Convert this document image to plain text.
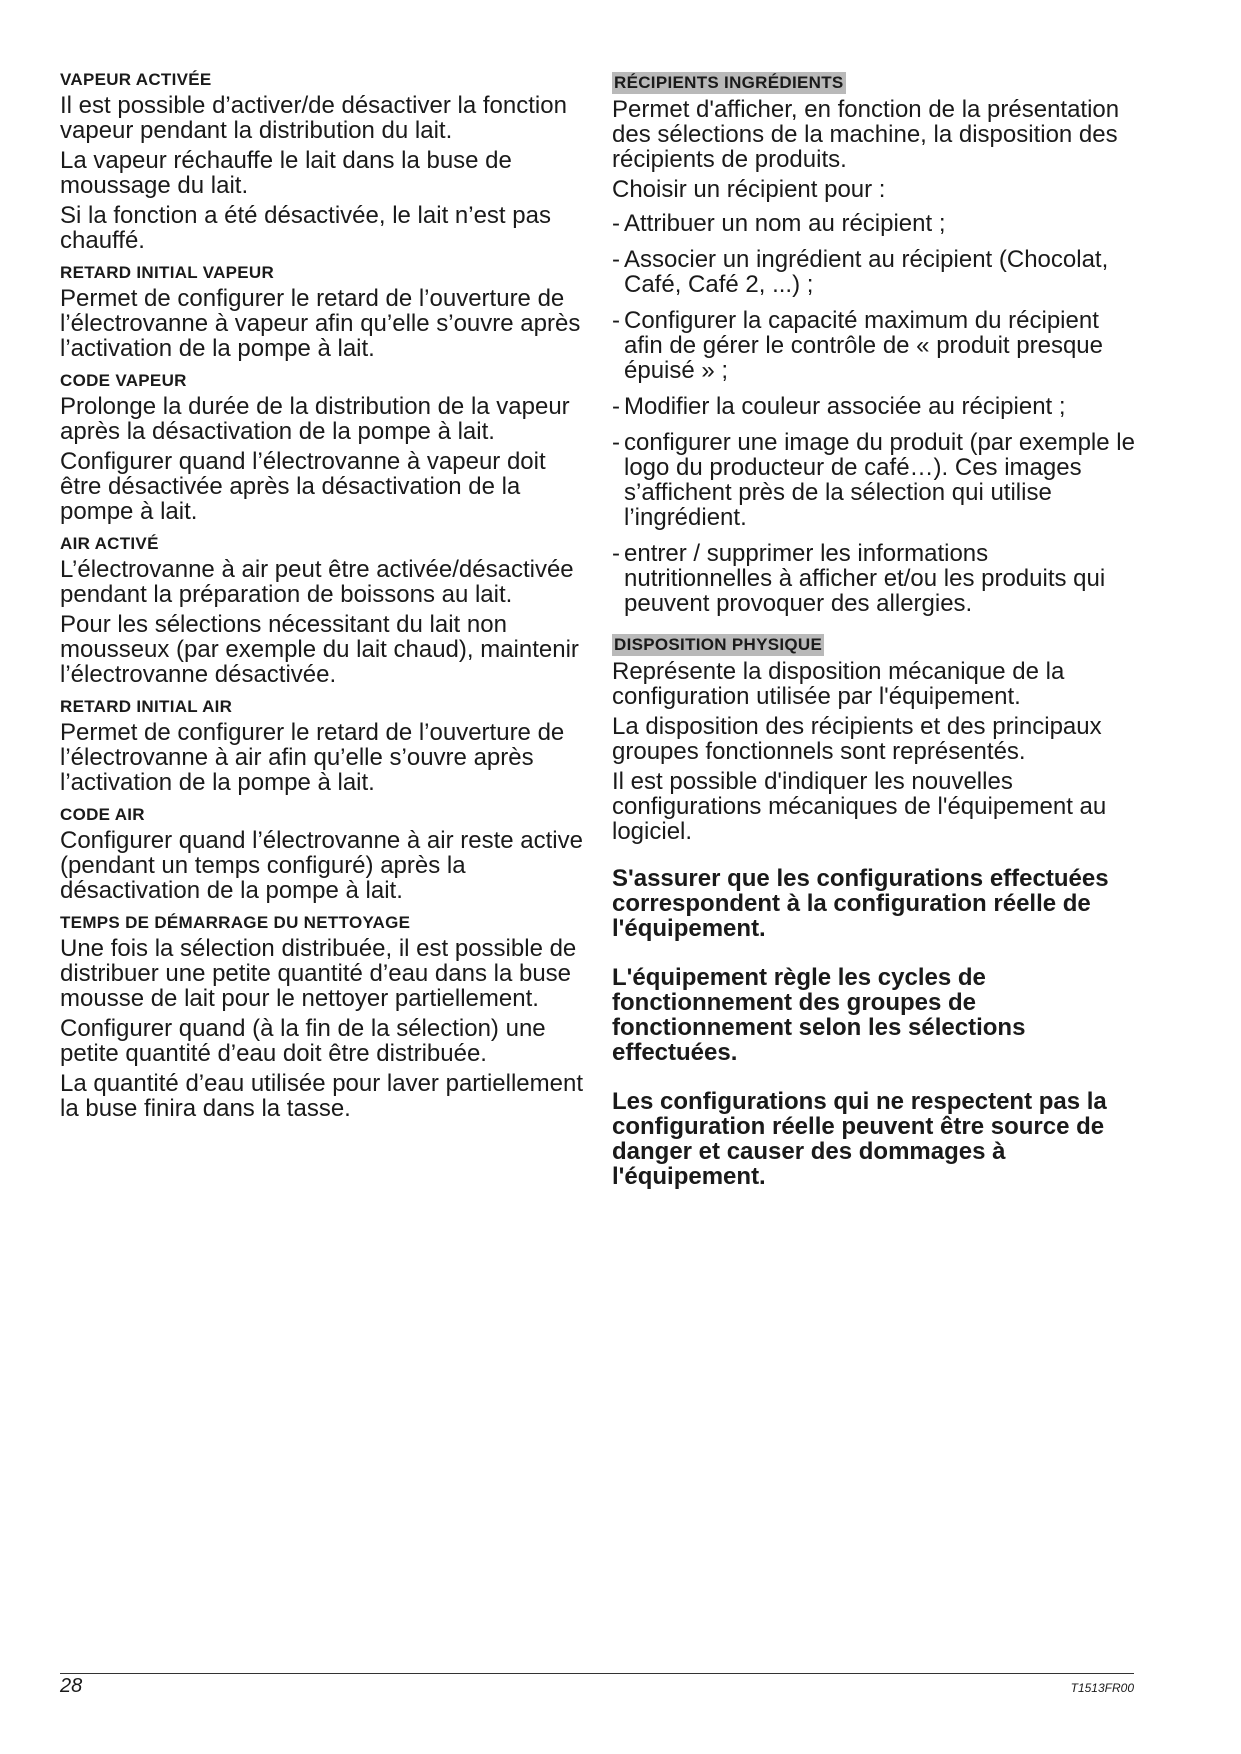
VAPEUR ACTIVÉE

Il est possible d’activer/de désactiver la fonction vapeur pendant la distribution du lait.

La vapeur réchauffe le lait dans la buse de moussage du lait.

Si la fonction a été désactivée, le lait n’est pas chauffé.

RETARD INITIAL VAPEUR

Permet de configurer le retard de l’ouverture de l’électrovanne à vapeur afin qu’elle s’ouvre après l’activation de la pompe à lait.

CODE VAPEUR

Prolonge la durée de la distribution de la vapeur après la désactivation de la pompe à lait.

Configurer quand l’électrovanne à vapeur doit être désactivée après la désactivation de la pompe à lait.

AIR ACTIVÉ

L’électrovanne à air peut être activée/désactivée pendant la préparation de boissons au lait.

Pour les sélections nécessitant du lait non mousseux (par exemple du lait chaud), maintenir l’électrovanne désactivée.

RETARD INITIAL AIR

Permet de configurer le retard de l’ouverture de l’électrovanne à air afin qu’elle s’ouvre après l’activation de la pompe à lait.

CODE AIR

Configurer quand l’électrovanne à air reste active (pendant un temps configuré) après la désactivation de la pompe à lait.

TEMPS DE DÉMARRAGE DU NETTOYAGE

Une fois la sélection distribuée, il est possible de distribuer une petite quantité d’eau dans la buse mousse de lait pour le nettoyer partiellement.

Configurer quand (à la fin de la sélection) une petite quantité d’eau doit être distribuée.

La quantité d’eau utilisée pour laver partiellement la buse finira dans la tasse.

RÉCIPIENTS INGRÉDIENTS

Permet d'afficher, en fonction de la présentation des sélections de la machine, la disposition des récipients de produits.

Choisir un récipient pour :

- Attribuer un nom au récipient ;
- Associer un ingrédient au récipient (Chocolat, Café, Café 2, ...) ;
- Configurer la capacité maximum du récipient afin de gérer le contrôle de « produit presque épuisé » ;
- Modifier la couleur associée au récipient ;
- configurer une image du produit (par exemple le logo du producteur de café…). Ces images s’affichent près de la sélection qui utilise l’ingrédient.
- entrer / supprimer les informations nutritionnelles à afficher et/ou les produits qui peuvent provoquer des allergies.
DISPOSITION PHYSIQUE

Représente la disposition mécanique de la configuration utilisée par l'équipement.

La disposition des récipients et des principaux groupes fonctionnels sont représentés.

Il est possible d'indiquer les nouvelles configurations mécaniques de l'équipement au logiciel.

S'assurer que les configurations effectuées correspondent à la configuration réelle de l'équipement.
L'équipement règle les cycles de fonctionnement des groupes de fonctionnement selon les sélections effectuées.
Les configurations qui ne respectent pas la configuration réelle peuvent être source de danger et causer des dommages à l'équipement.
28	T1513FR00
